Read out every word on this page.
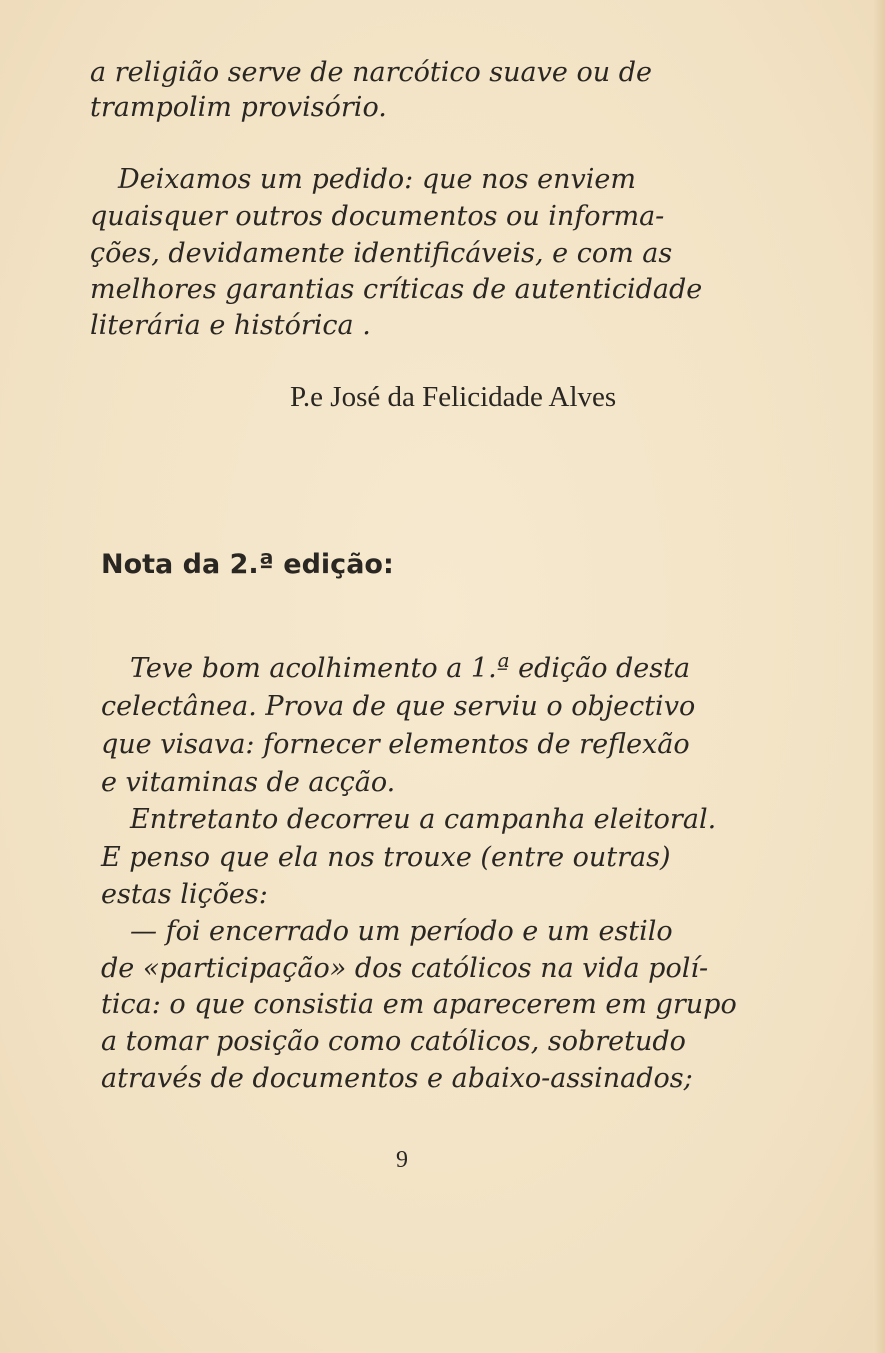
a religião serve de narcótico suave ou de
trampolim provisório.
Deixamos um pedido: que nos enviem
quaisquer outros documentos ou informa-
ções, devidamente identificáveis, e com as
melhores garantias críticas de autenticidade
literária e histórica .
P.e José da Felicidade Alves
Nota da 2.ª edição:
Teve bom acolhimento a 1.ª edição desta
celectânea. Prova de que serviu o objectivo
que visava: fornecer elementos de reflexão
e vitaminas de acção.
Entretanto decorreu a campanha eleitoral.
E penso que ela nos trouxe (entre outras)
estas lições:
— foi encerrado um período e um estilo
de «participação» dos católicos na vida polí-
tica: o que consistia em aparecerem em grupo
a tomar posição como católicos, sobretudo
através de documentos e abaixo-assinados;
9
